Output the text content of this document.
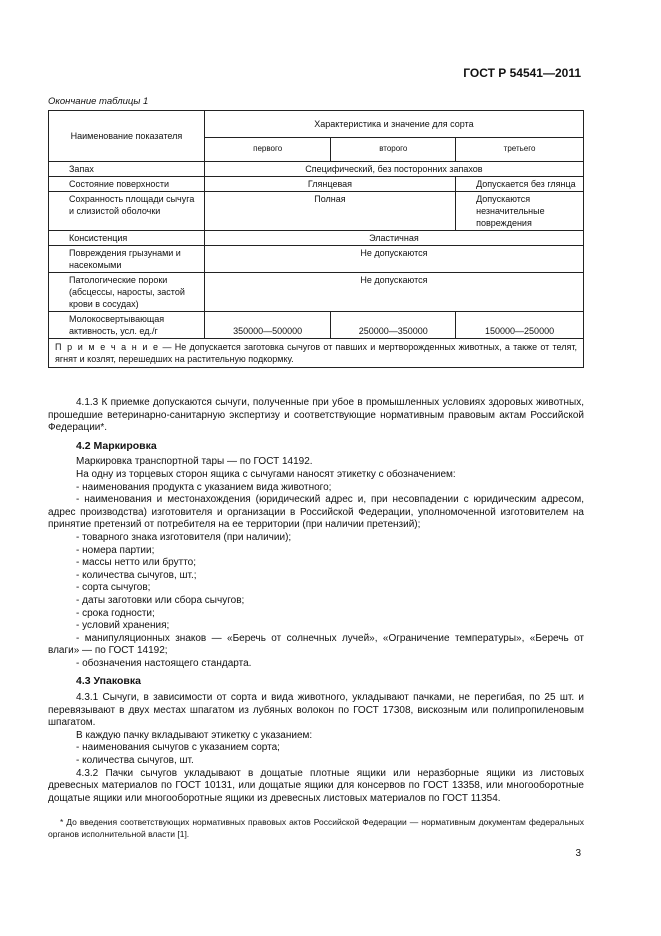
ГОСТ Р 54541—2011
Окончание таблицы 1
Наименование показателя	Характеристика и значение для сорта		
	первого	второго	третьего
Запах	Специфический, без посторонних запахов		
Состояние поверхности	Глянцевая		Допускается без глянца
Сохранность площади сычуга и слизистой оболочки	Полная		Допускаются незначительные повреждения
Консистенция	Эластичная		
Повреждения грызунами и насекомыми	Не допускаются		
Патологические пороки (абсцессы, наросты, застой крови в сосудах)	Не допускаются		
Молокосвертывающая активность, усл. ед./г	350000—500000	250000—350000	150000—250000
П р и м е ч а н и е — Не допускается заготовка сычугов от павших и мертворожденных животных, а также от телят, ягнят и козлят, перешедших на растительную подкормку.			

4.1.3 К приемке допускаются сычуги, полученные при убое в промышленных условиях здоровых животных, прошедшие ветеринарно-санитарную экспертизу и соответствующие нормативным правовым актам Российской Федерации*.

4.2 Маркировка

Маркировка транспортной тары — по ГОСТ 14192.

На одну из торцевых сторон ящика с сычугами наносят этикетку с обозначением:

- наименования продукта с указанием вида животного;

- наименования и местонахождения (юридический адрес и, при несовпадении с юридическим адресом, адрес производства) изготовителя и организации в Российской Федерации, уполномоченной изготовителем на принятие претензий от потребителя на ее территории (при наличии претензий);

- товарного знака изготовителя (при наличии);

- номера партии;

- массы нетто или брутто;

- количества сычугов, шт.;

- сорта сычугов;

- даты заготовки или сбора сычугов;

- срока годности;

- условий хранения;

- манипуляционных знаков — «Беречь от солнечных лучей», «Ограничение температуры», «Беречь от влаги» — по ГОСТ 14192;

- обозначения настоящего стандарта.

4.3 Упаковка

4.3.1 Сычуги, в зависимости от сорта и вида животного, укладывают пачками, не перегибая, по 25 шт. и перевязывают в двух местах шпагатом из лубяных волокон по ГОСТ 17308, вискозным или полипропиленовым шпагатом.

В каждую пачку вкладывают этикетку с указанием:

- наименования сычугов с указанием сорта;

- количества сычугов, шт.

4.3.2 Пачки сычугов укладывают в дощатые плотные ящики или неразборные ящики из листовых древесных материалов по ГОСТ 10131, или дощатые ящики для консервов по ГОСТ 13358, или многооборотные дощатые ящики или многооборотные ящики из древесных листовых материалов по ГОСТ 11354.

* До введения соответствующих нормативных правовых актов Российской Федерации — нормативным документам федеральных органов исполнительной власти [1].
3
